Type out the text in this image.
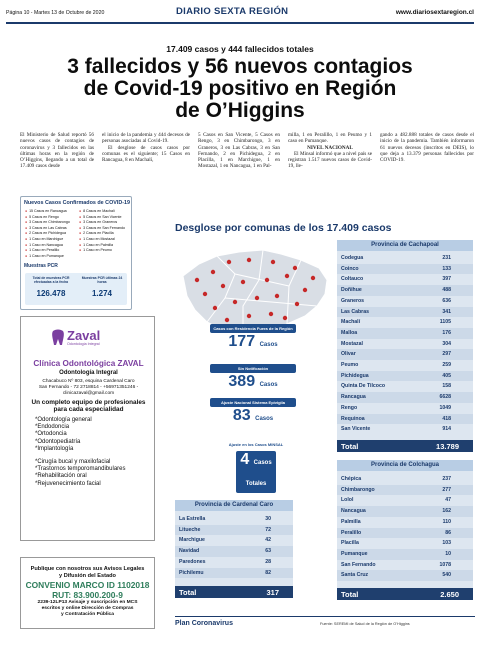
Página 10 - Martes 13 de Octubre de 2020	DIARIO SEXTA REGIÓN	www.diariosextaregion.cl
17.409 casos y 444 fallecidos totales
3 fallecidos y 56 nuevos contagios
de Covid-19 positivo en Región
de O’Higgins

El Ministerio de Salud reportó 56 nuevos casos de contagios de coronavirus y 3 fallecidos en las últimas horas en la región de O’Higgins, llegando a un total de 17.409 casos desde

el inicio de la pandemia y 444 decesos de personas asociadas al Covid-19.

El desglose de casos casos por comunas es el siguiente; 15 Casos en Rancagua, 8 en Machalí,

5 Casos en San Vicente, 5 Casos en Rengo, 3 en Chimbarongo, 3 en Graneros, 3 en Las Cabras, 3 en San Fernando, 2 en Pichidegua, 2 en Placilla, 1 en Marchigue, 1 en Mostazal, 1 en Nancagua, 1 en Pal-

milla, 1 en Peralillo, 1 en Peumo y 1 caso en Pumanque.

NIVEL NACIONAL

El Minsal informó que a nivel país se registran 1.517 nuevos casos de Covid-19, lle-

gando a 482.888 totales de casos desde el inicio de la pandemia. También informaron 61 nuevos decesos (inscritos en DEIS), lo que deja a 13.379 personas fallecidos por COVID-19.

Nuevos Casos Confirmados de COVID-19
● 15 Casos en Rancagua
● 5 Casos en Rengo
● 3 Casos en Chimbarongo
● 3 Casos en Las Cabras
● 2 Casos en Pichidegua
● 1 Caso en Marchigue
● 1 Caso en Nancagua
● 1 Caso en Peralillo
● 1 Caso en Pumanque
● 8 Casos en Machalí
● 5 Casos en San Vicente
● 3 Casos en Graneros
● 3 Casos en San Fernando
● 2 Casos en Placilla
● 1 Caso en Mostazal
● 1 Caso en Palmilla
● 1 Caso en Peumo
Muestras PCR
Total de muestras PCR efectuadas a la fecha
126.478
Muestras PCR últimas 24 horas
1.274
Desglose por comunas de los 17.409 casos
Casos con Residencia Fuera de la Región
177 Casos
Sin Notificación
389 Casos
Ajuste Nacional Sistema Epivigila
83 Casos
Ajuste en los Casos MINSAL
4 Casos Totales
Provincia de Cachapoal
Codegua	231
Coinco	133
Coltauco	397
Doñihue	488
Graneros	636
Las Cabras	341
Machalí	1105
Malloa	176
Mostazal	304
Olivar	297
Peumo	259
Pichidegua	405
Quinta De Tilcoco	158
Rancagua	6628
Rengo	1049
Requinoa	418
San Vicente	914
Total	13.789
Provincia de Colchagua
Chépica	237
Chimbarongo	277
Lolol	47
Nancagua	162
Palmilla	110
Peralillo	86
Placilla	103
Pumanque	10
San Fernando	1078
Santa Cruz	540
Total	2.650
Provincia de Cardenal Caro
La Estrella	30
Litueche	72
Marchigue	42
Navidad	63
Paredones	28
Pichilemu	82
Total	317
Plan Coronavirus	Fuente: SEREMI de Salud de la Región de O’Higgins
Zaval
Odontología Integral
Clínica Odontológica ZAVAL
Odontología Integral
Chacabuco Nº 803, esquina Cardenal Caro
San Fernando - 72 2718814 - +56971351246 -
clinicazaval@gmail.com
Un completo equipo de profesionales para cada especialidad
*Odontología general
*Endodoncia
*Ortodoncia
*Odontopediatría
*Implantología
*Cirugía bucal y maxilofacial
*Trastornos temporomandibulares
*Rehabilitación oral
*Rejuvenecimiento facial
Publique con nosotros sus Avisos Legales
y Difusión del Estado
CONVENIO MARCO ID 1102018
RUT: 83.900.200-9
2239-12LP13 Avisaje y suscripción en MCS
escritos y online Dirección de Compras
y Contratación Pública
